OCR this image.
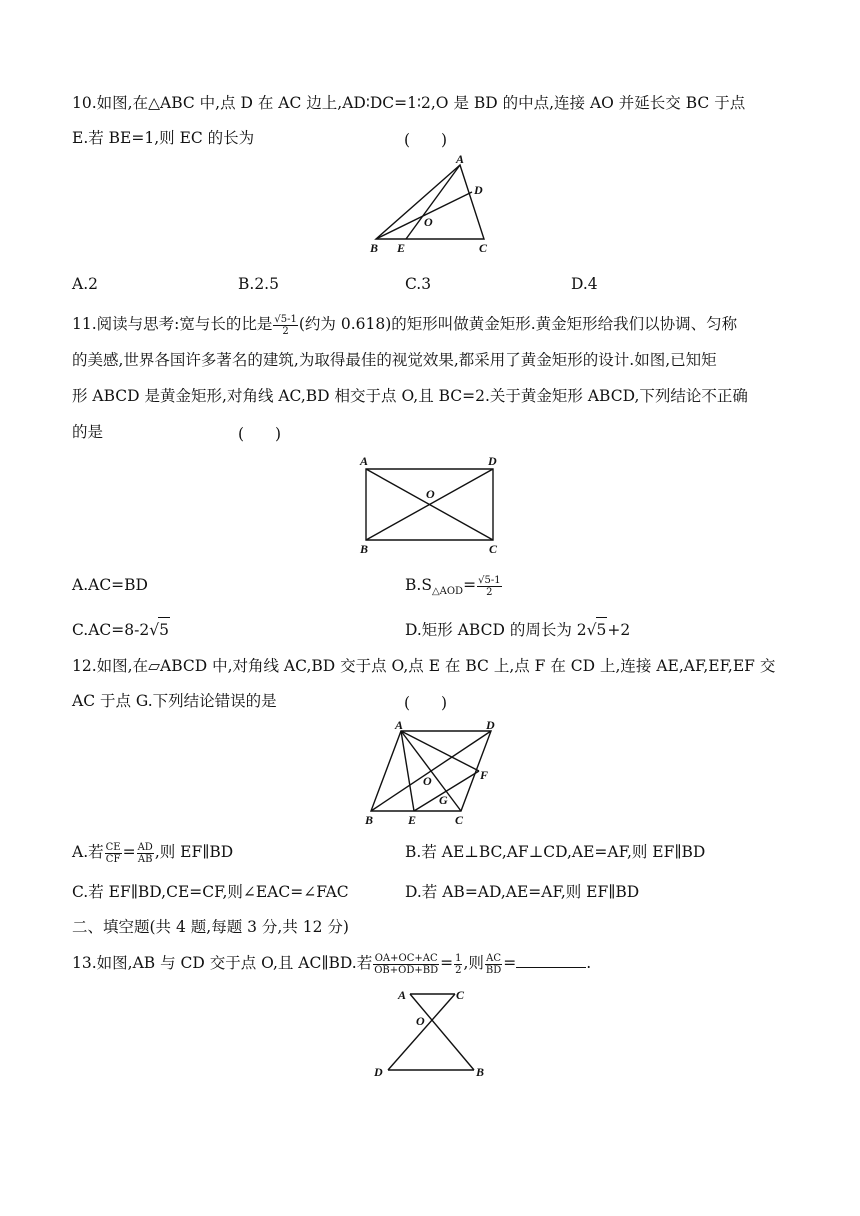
10.如图,在△ABC 中,点 D 在 AC 边上,AD∶DC=1∶2,O 是 BD 的中点,连接 AO 并延长交 BC 于点
E.若 BE=1,则 EC 的长为	(　　)
A
D
O
B E	C
A.2	B.2.5	C.3	D.4
11.阅读与思考:宽与长的比是 $\frac{√5-1}{2}$ (约为 0.618)的矩形叫做黄金矩形.黄金矩形给我们以协调、匀称
的美感,世界各国许多著名的建筑,为取得最佳的视觉效果,都采用了黄金矩形的设计.如图,已知矩
形 ABCD 是黄金矩形,对角线 AC,BD 相交于点 O,且 BC=2.关于黄金矩形 ABCD,下列结论不正确
的是	(　　)
A	D
O
B	C
A.AC=BD	$B.S_{\triangle AOD}= \frac{√5-1}{2}$
C.AC=8-2√5	D.矩形 ABCD 的周长为 2√5+2
12.如图,在▱ABCD 中,对角线 AC,BD 交于点 O,点 E 在 BC 上,点 F 在 CD 上,连接 AE,AF,EF,EF 交
AC 于点 G.下列结论错误的是	(　　)
A	D
O	F
G
B	E	C
A.若 $\frac{CE}{CF} = \frac{AD}{AB}$ ,则 EF∥BD	B.若 AE⊥BC,AF⊥CD,AE=AF,则 EF∥BD
C.若 EF∥BD,CE=CF,则∠EAC=∠FAC	D.若 AB=AD,AE=AF,则 EF∥BD
二、填空题(共 4 题,每题 3 分,共 12 分)
13.如图,AB 与 CD 交于点 O,且 AC∥BD.若 $\frac{OA+OC+AC}{OB+OD+BD} = \frac{1}{2}$ ,则 $\frac{AC}{BD}$ =	.
A	C
O
D	B
